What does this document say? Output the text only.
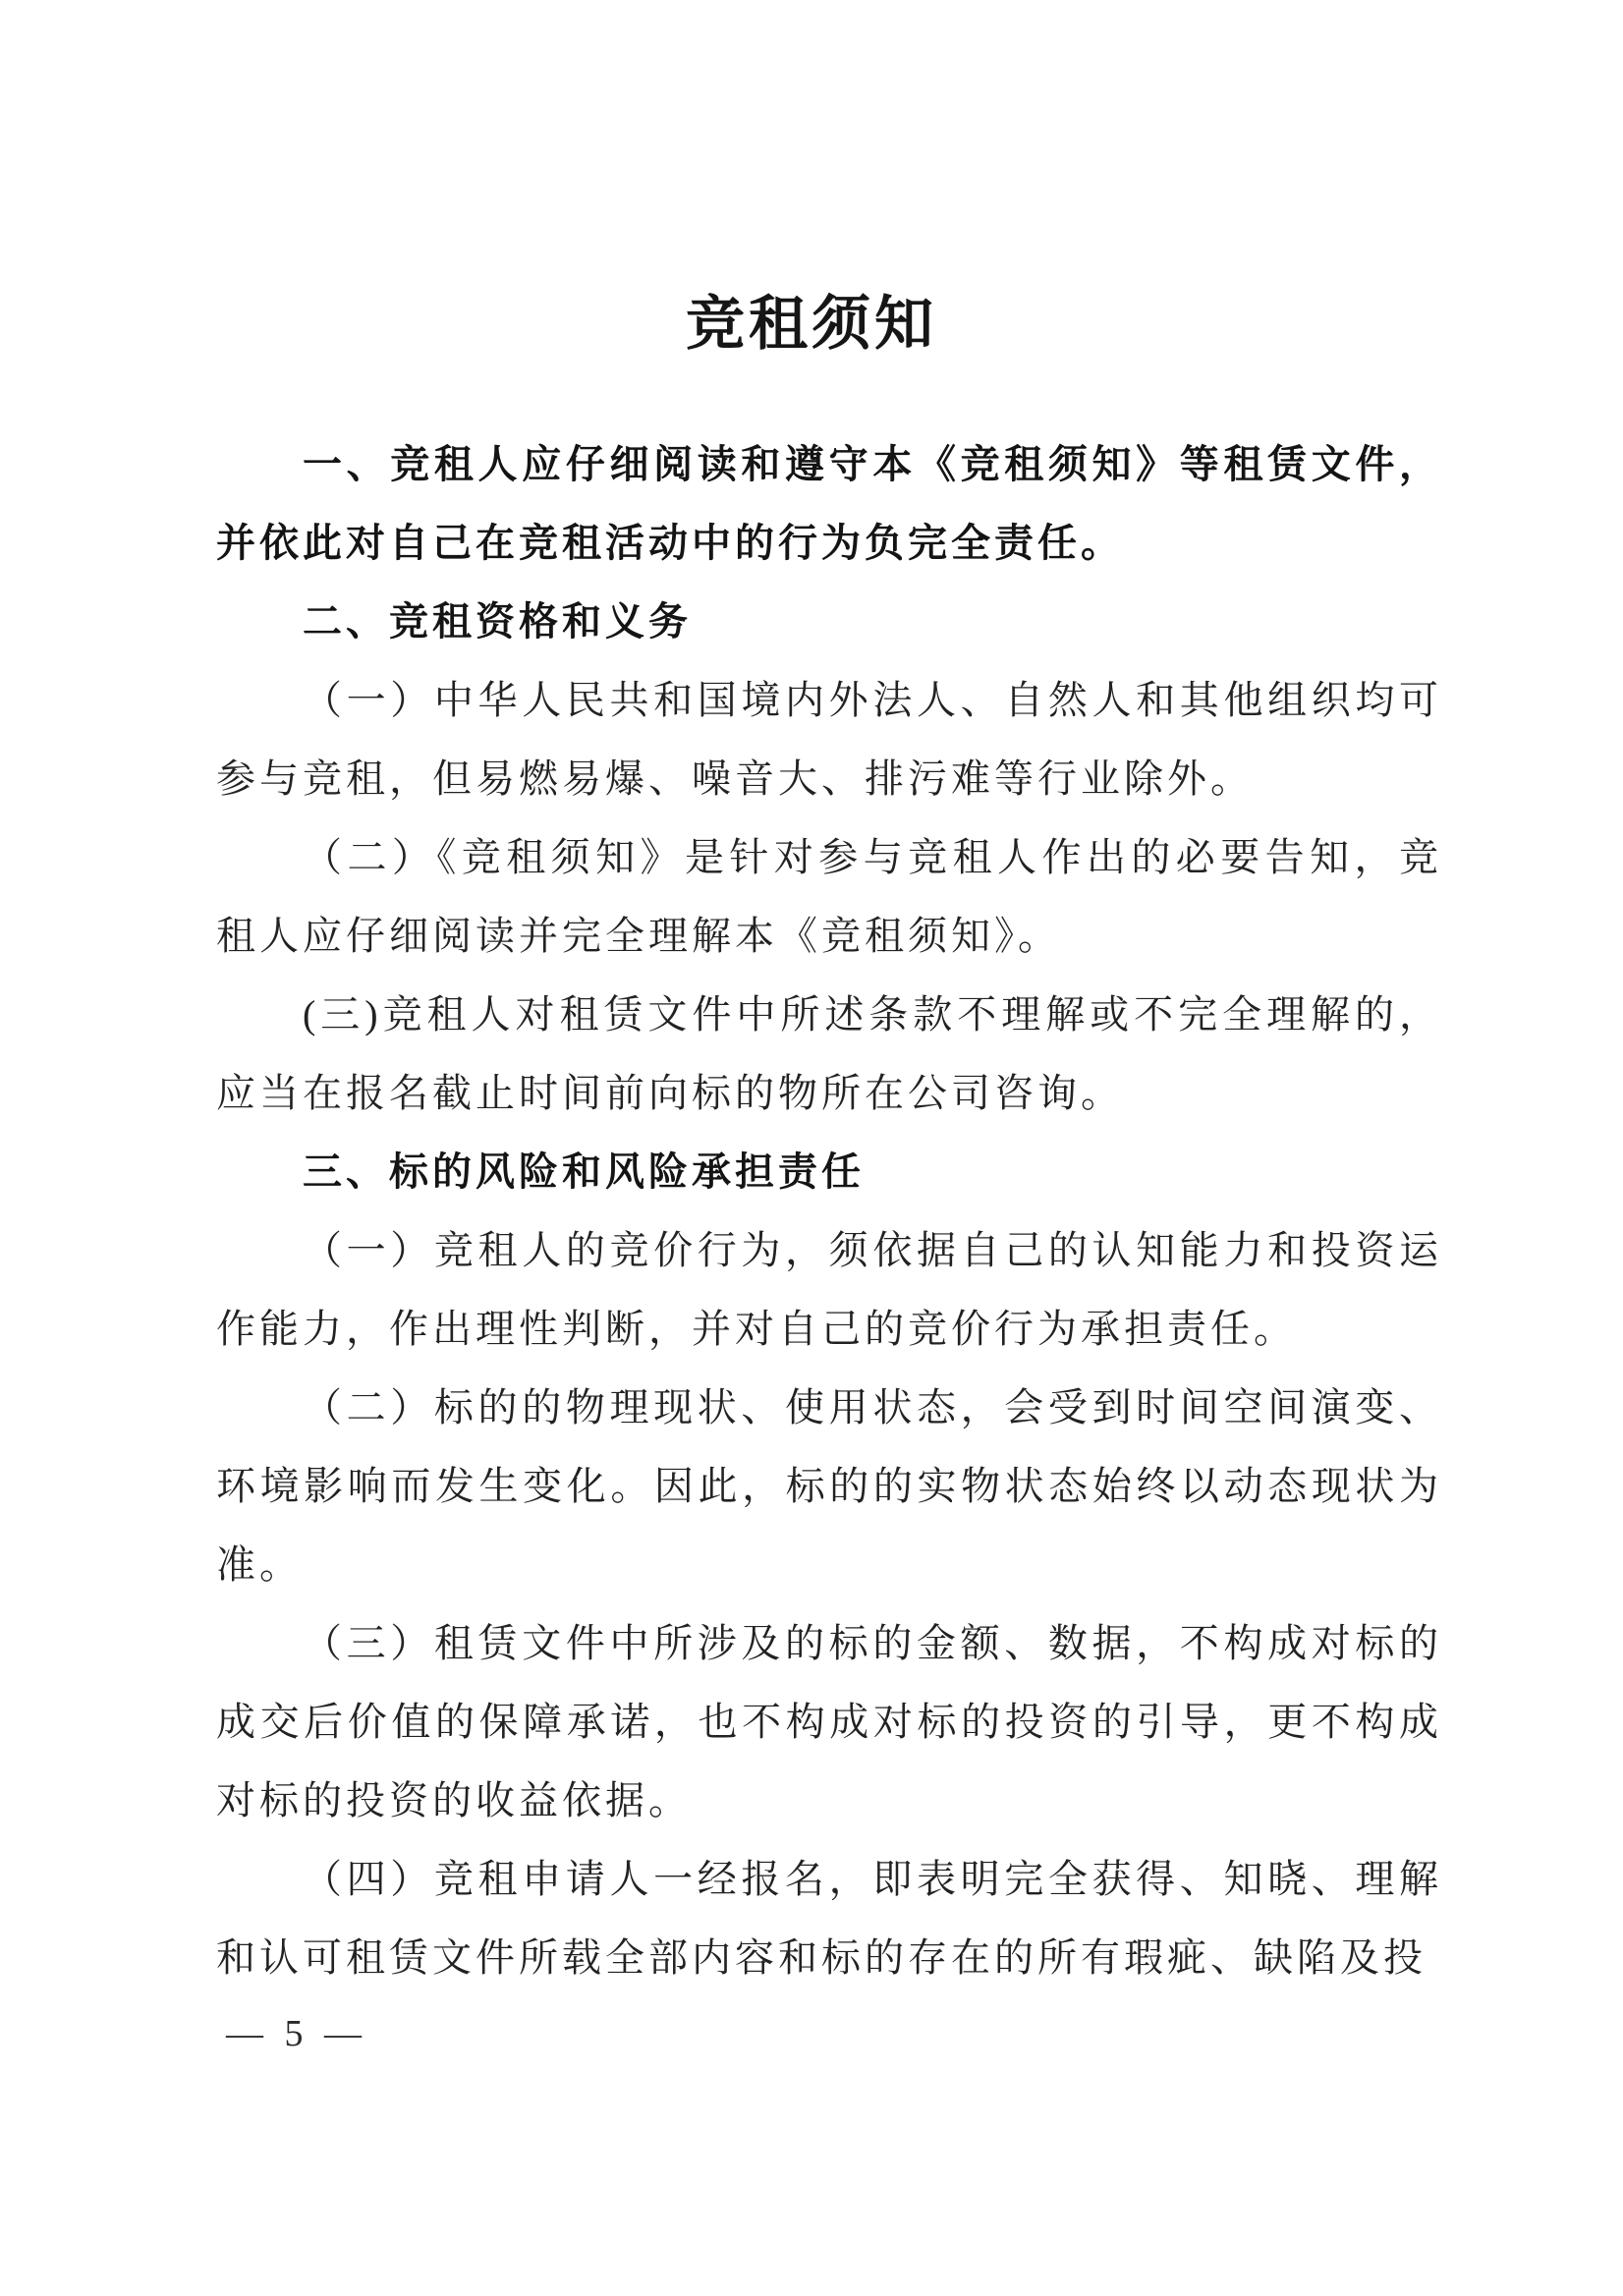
竞租须知

一、竞租人应仔细阅读和遵守本《竞租须知》等租赁文件，并依此对自己在竞租活动中的行为负完全责任。

二、竞租资格和义务

（一）中华人民共和国境内外法人、自然人和其他组织均可参与竞租，但易燃易爆、噪音大、排污难等行业除外。

（二）《竞租须知》是针对参与竞租人作出的必要告知，竞租人应仔细阅读并完全理解本《竞租须知》。

(三)竞租人对租赁文件中所述条款不理解或不完全理解的，应当在报名截止时间前向标的物所在公司咨询。

三、标的风险和风险承担责任

（一）竞租人的竞价行为，须依据自己的认知能力和投资运作能力，作出理性判断，并对自己的竞价行为承担责任。

（二）标的的物理现状、使用状态，会受到时间空间演变、环境影响而发生变化。因此，标的的实物状态始终以动态现状为准。

（三）租赁文件中所涉及的标的金额、数据，不构成对标的成交后价值的保障承诺，也不构成对标的投资的引导，更不构成对标的投资的收益依据。

（四）竞租申请人一经报名，即表明完全获得、知晓、理解和认可租赁文件所载全部内容和标的存在的所有瑕疵、缺陷及投

— 5 —
